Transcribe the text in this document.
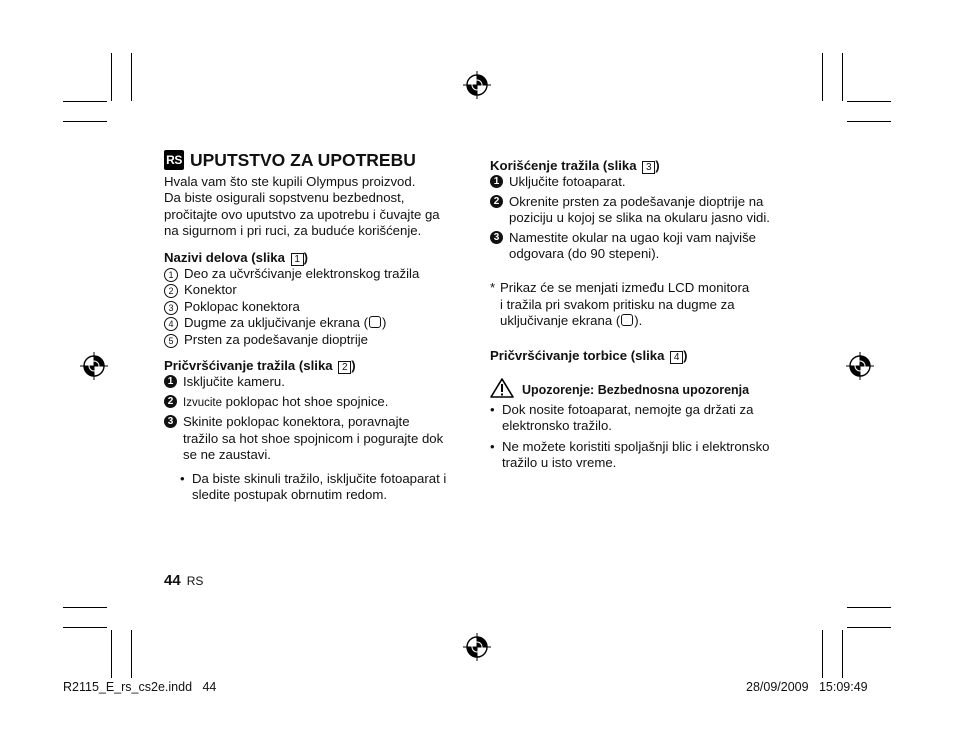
RS UPUTSTVO ZA UPOTREBU
Hvala vam što ste kupili Olympus proizvod.
Da biste osigurali sopstvenu bezbednost,
pročitajte ovo uputstvo za upotrebu i čuvajte ga
na sigurnom i pri ruci, za buduće korišćenje.
Nazivi delova (slika 1 )
1 Deo za učvršćivanje elektronskog tražila
2 Konektor
3 Poklopac konektora
4 Dugme za uključivanje ekrana ( )
5 Prsten za podešavanje dioptrije
Pričvršćivanje tražila (slika 2 )
1 Isključite kameru.
2 Izvucite poklopac hot shoe spojnice.
3 Skinite poklopac konektora, poravnajte
tražilo sa hot shoe spojnicom i pogurajte dok
se ne zaustavi.
• Da biste skinuli tražilo, isključite fotoaparat i
sledite postupak obrnutim redom.
Korišćenje tražila (slika 3 )
1 Uključite fotoaparat.
2 Okrenite prsten za podešavanje dioptrije na
poziciju u kojoj se slika na okularu jasno vidi.
3 Namestite okular na ugao koji vam najviše
odgovara (do 90 stepeni).
* Prikaz će se menjati između LCD monitora
i tražila pri svakom pritisku na dugme za
uključivanje ekrana ( ).
Pričvršćivanje torbice (slika 4 )
Upozorenje: Bezbednosna upozorenja
• Dok nosite fotoaparat, nemojte ga držati za
elektronsko tražilo.
• Ne možete koristiti spoljašnji blic i elektronsko
tražilo u isto vreme.
44 RS
R2115_E_rs_cs2e.indd   44	28/09/2009   15:09:49
